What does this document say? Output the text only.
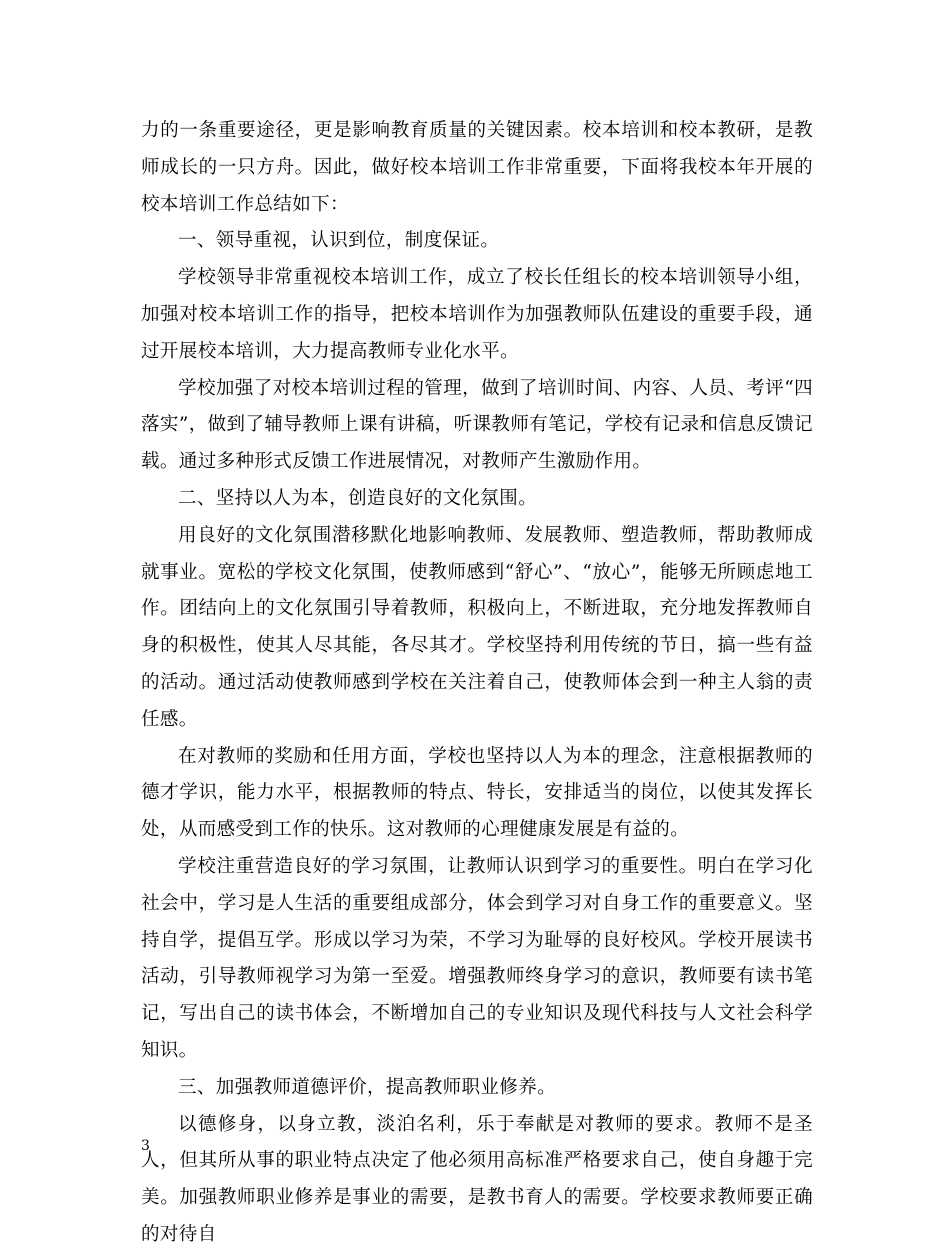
力的一条重要途径，更是影响教育质量的关键因素。校本培训和校本教研，是教师成长的一只方舟。因此，做好校本培训工作非常重要，下面将我校本年开展的校本培训工作总结如下：

一、领导重视，认识到位，制度保证。

学校领导非常重视校本培训工作，成立了校长任组长的校本培训领导小组，加强对校本培训工作的指导，把校本培训作为加强教师队伍建设的重要手段，通过开展校本培训，大力提高教师专业化水平。

学校加强了对校本培训过程的管理，做到了培训时间、内容、人员、考评“四落实”，做到了辅导教师上课有讲稿，听课教师有笔记，学校有记录和信息反馈记载。通过多种形式反馈工作进展情况，对教师产生激励作用。

二、坚持以人为本，创造良好的文化氛围。

用良好的文化氛围潜移默化地影响教师、发展教师、塑造教师，帮助教师成就事业。宽松的学校文化氛围，使教师感到“舒心”、“放心”，能够无所顾虑地工作。团结向上的文化氛围引导着教师，积极向上，不断进取，充分地发挥教师自身的积极性，使其人尽其能，各尽其才。学校坚持利用传统的节日，搞一些有益的活动。通过活动使教师感到学校在关注着自己，使教师体会到一种主人翁的责任感。

在对教师的奖励和任用方面，学校也坚持以人为本的理念，注意根据教师的德才学识，能力水平，根据教师的特点、特长，安排适当的岗位，以使其发挥长处，从而感受到工作的快乐。这对教师的心理健康发展是有益的。

学校注重营造良好的学习氛围，让教师认识到学习的重要性。明白在学习化社会中，学习是人生活的重要组成部分，体会到学习对自身工作的重要意义。坚持自学，提倡互学。形成以学习为荣，不学习为耻辱的良好校风。学校开展读书活动，引导教师视学习为第一至爱。增强教师终身学习的意识，教师要有读书笔记，写出自己的读书体会，不断增加自己的专业知识及现代科技与人文社会科学知识。

三、加强教师道德评价，提高教师职业修养。

以德修身，以身立教，淡泊名利，乐于奉献是对教师的要求。教师不是圣人，但其所从事的职业特点决定了他必须用高标准严格要求自己，使自身趣于完美。加强教师职业修养是事业的需要，是教书育人的需要。学校要求教师要正确的对待自

3
